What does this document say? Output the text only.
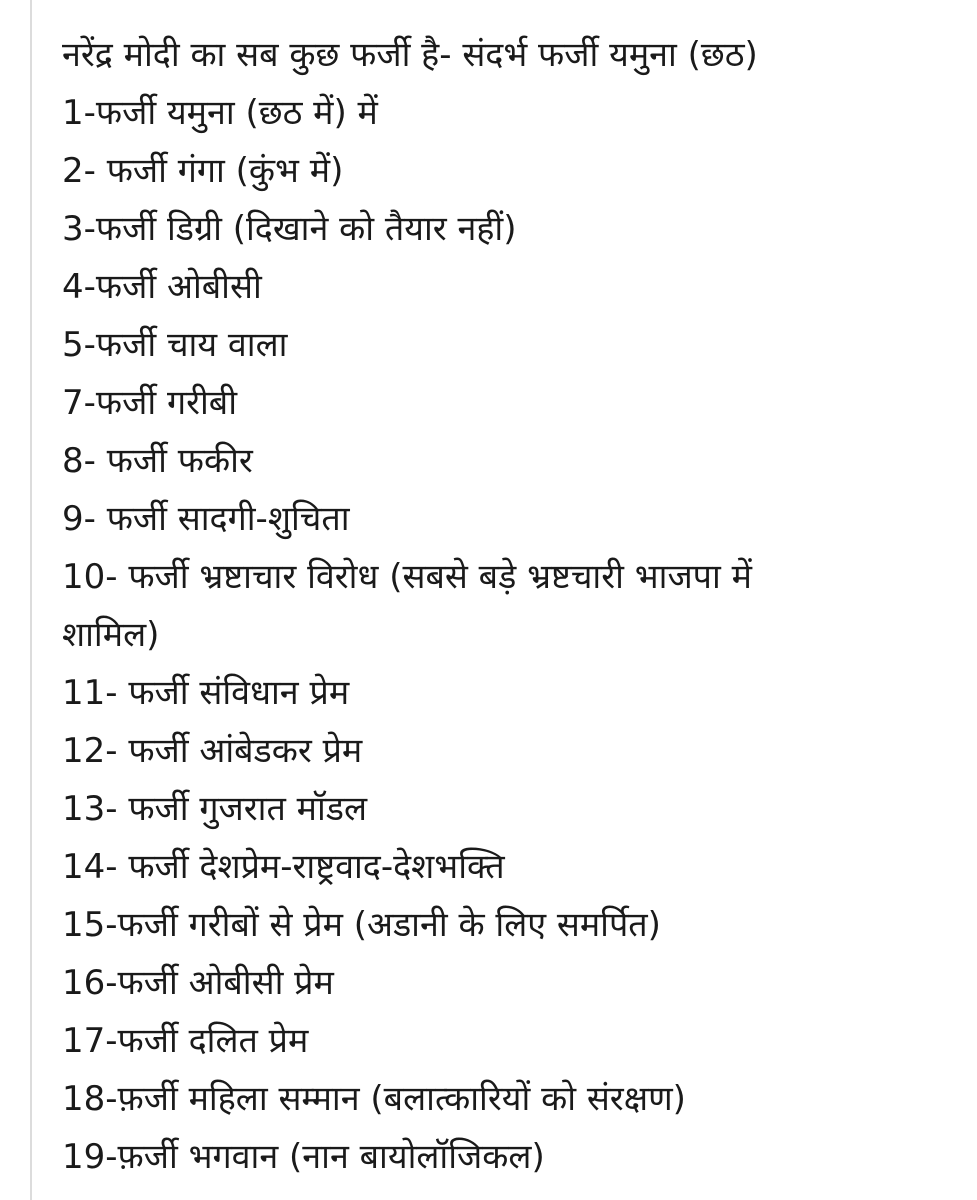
नरेंद्र मोदी का सब कुछ फर्जी है- संदर्भ फर्जी यमुना (छठ)
1-फर्जी यमुना (छठ में) में
2- फर्जी गंगा (कुंभ में)
3-फर्जी डिग्री (दिखाने को तैयार नहीं)
4-फर्जी ओबीसी
5-फर्जी चाय वाला
7-फर्जी गरीबी
8- फर्जी फकीर
9- फर्जी सादगी-शुचिता
10- फर्जी भ्रष्टाचार विरोध (सबसे बड़े भ्रष्टचारी भाजपा में
शामिल)
11- फर्जी संविधान प्रेम
12- फर्जी आंबेडकर प्रेम
13- फर्जी गुजरात मॉडल
14- फर्जी देशप्रेम-राष्ट्रवाद-देशभक्ति
15-फर्जी गरीबों से प्रेम (अडानी के लिए समर्पित)
16-फर्जी ओबीसी प्रेम
17-फर्जी दलित प्रेम
18-फ़र्जी महिला सम्मान (बलात्कारियों को संरक्षण)
19-फ़र्जी भगवान (नान बायोलॉजिकल)
